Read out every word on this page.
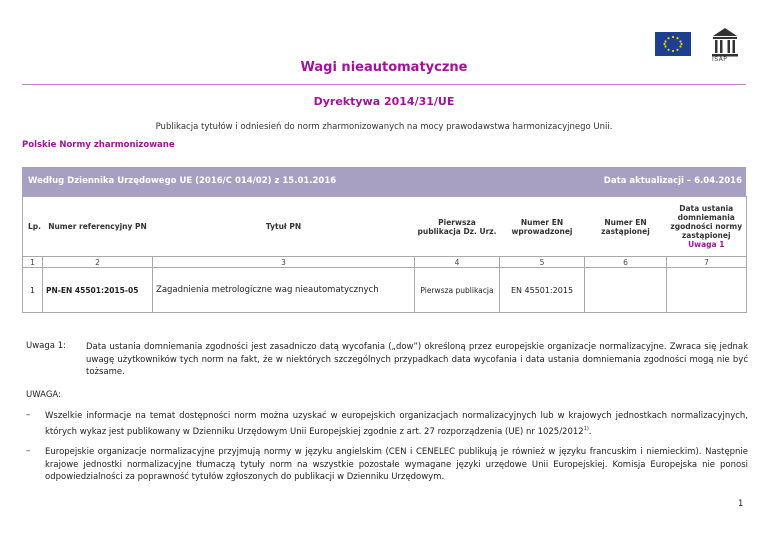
ISAP
Wagi nieautomatyczne
Dyrektywa 2014/31/UE
Publikacja tytułów i odniesień do norm zharmonizowanych na mocy prawodawstwa harmonizacyjnego Unii.
Polskie Normy zharmonizowane
Według Dziennika Urzędowego UE (2016/C 014/02) z 15.01.2016	Data aktualizacji – 6.04.2016
Lp.	Numer referencyjny PN	Tytuł PN	Pierwsza publikacja Dz. Urz.	Numer EN wprowadzonej	Numer EN zastąpionej	Data ustania domniemania zgodności normy zastąpionej
Uwaga 1
1	2	3	4	5	6	7
1	PN-EN 45501:2015-05	Zagadnienia metrologiczne wag nieautomatycznych	Pierwsza publikacja	EN 45501:2015		
Uwaga 1: Data ustania domniemania zgodności jest zasadniczo datą wycofania („dow”) określoną przez europejskie organizacje normalizacyjne. Zwraca się jednak uwagę użytkowników tych norm na fakt, że w niektórych szczególnych przypadkach data wycofania i data ustania domniemania zgodności mogą nie być tożsame.
UWAGA:
– Wszelkie informacje na temat dostępności norm można uzyskać w europejskich organizacjach normalizacyjnych lub w krajowych jednostkach normalizacyjnych, których wykaz jest publikowany w Dzienniku Urzędowym Unii Europejskiej zgodnie z art. 27 rozporządzenia (UE) nr 1025/2012$^{1)}$.
– Europejskie organizacje normalizacyjne przyjmują normy w języku angielskim (CEN i CENELEC publikują je również w języku francuskim i niemieckim). Następnie krajowe jednostki normalizacyjne tłumaczą tytuły norm na wszystkie pozostałe wymagane języki urzędowe Unii Europejskiej. Komisja Europejska nie ponosi odpowiedzialności za poprawność tytułów zgłoszonych do publikacji w Dzienniku Urzędowym.
1
